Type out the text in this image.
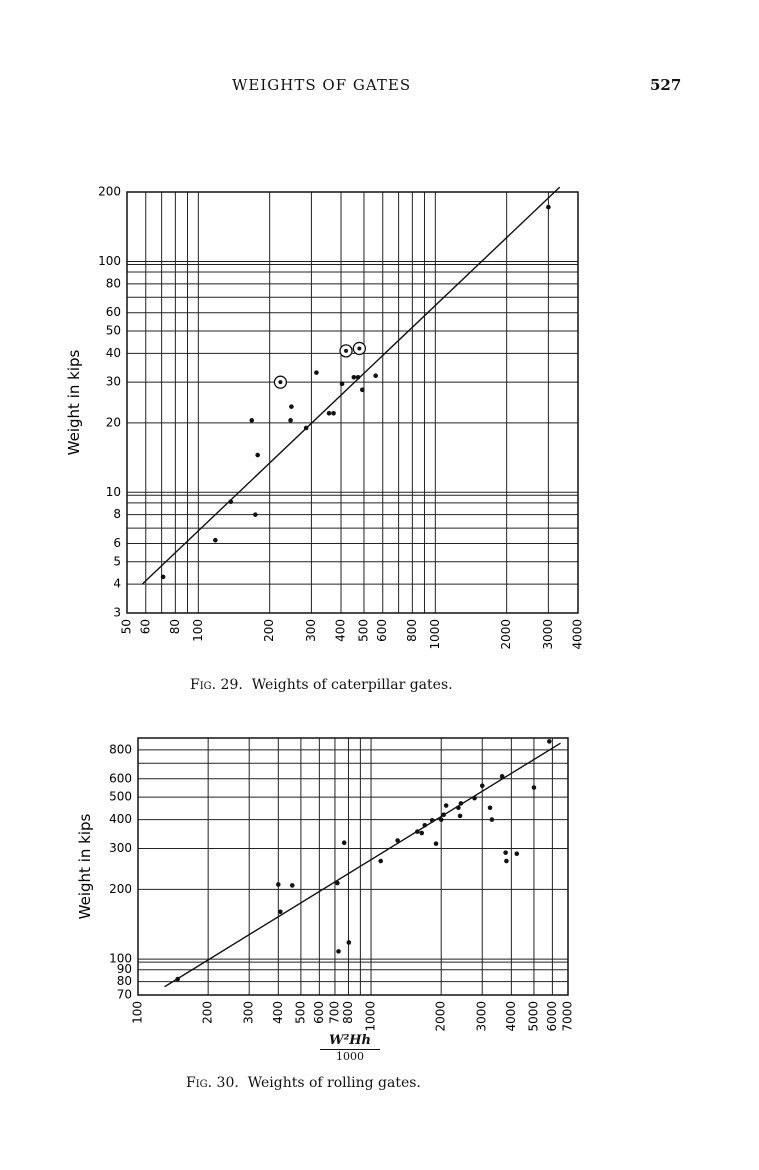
WEIGHTS OF GATES	527
50 60 80 100	200 300 400 500 600 800 1000	2000 3000 4000
3
4
5
6
8
10
20
30
40
50
60
80
100
200
Weight in kips
Fig. 29. Weights of caterpillar gates.
100	200 300 400 500 600 700 800 1000	2000 3000 4000 5000 6000 7000
70
80
90
100
200
300
400
500
600
800
Weight in kips
W²Hh
1000
Fig. 30. Weights of rolling gates.
